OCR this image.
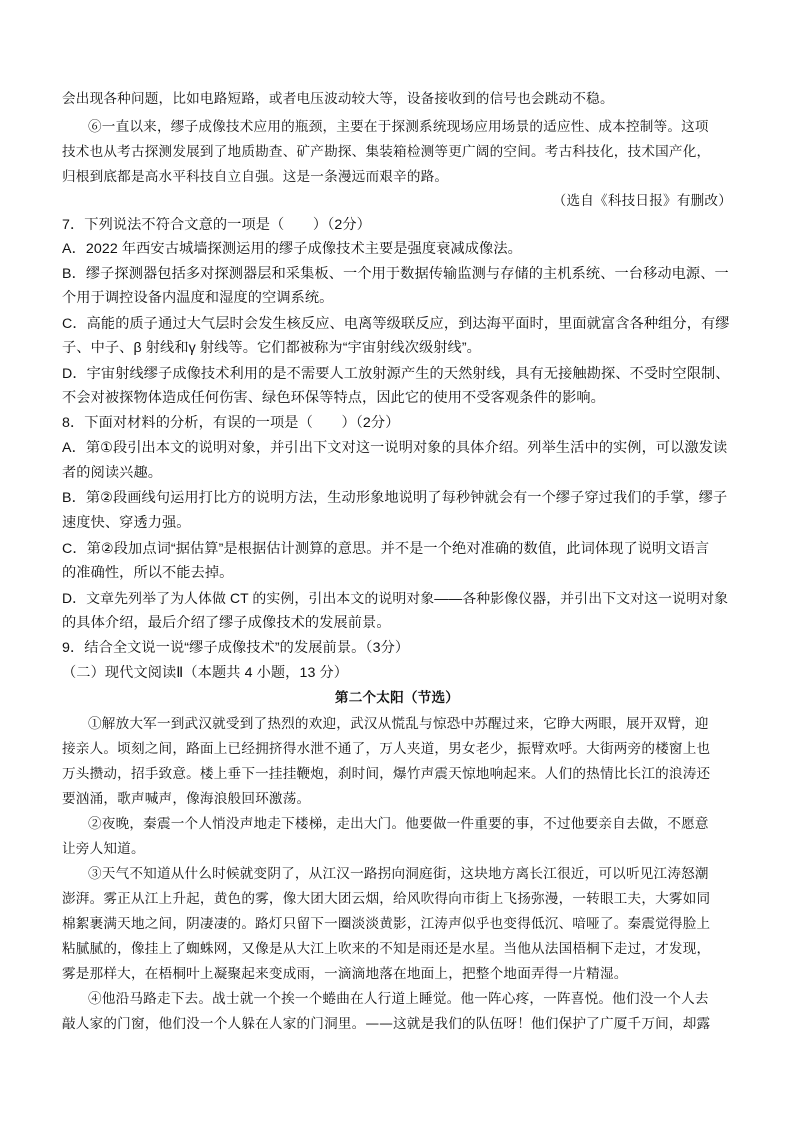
会出现各种问题，比如电路短路，或者电压波动较大等，设备接收到的信号也会跳动不稳。
⑥一直以来，缪子成像技术应用的瓶颈，主要在于探测系统现场应用场景的适应性、成本控制等。这项
技术也从考古探测发展到了地质勘查、矿产勘探、集装箱检测等更广阔的空间。考古科技化，技术国产化，
归根到底都是高水平科技自立自强。这是一条漫远而艰辛的路。
（选自《科技日报》有删改）
7．下列说法不符合文意的一项是（　　）（2分）
A．2022 年西安古城墙探测运用的缪子成像技术主要是强度衰减成像法。
B．缪子探测器包括多对探测器层和采集板、一个用于数据传输监测与存储的主机系统、一台移动电源、一
个用于调控设备内温度和湿度的空调系统。
C．高能的质子通过大气层时会发生核反应、电离等级联反应，到达海平面时，里面就富含各种组分，有缪
子、中子、β 射线和γ 射线等。它们都被称为“宇宙射线次级射线”。
D．宇宙射线缪子成像技术利用的是不需要人工放射源产生的天然射线，具有无接触勘探、不受时空限制、
不会对被探物体造成任何伤害、绿色环保等特点，因此它的使用不受客观条件的影响。
8．下面对材料的分析，有误的一项是（　　）（2分）
A．第①段引出本文的说明对象，并引出下文对这一说明对象的具体介绍。列举生活中的实例，可以激发读
者的阅读兴趣。
B．第②段画线句运用打比方的说明方法，生动形象地说明了每秒钟就会有一个缪子穿过我们的手掌，缪子
速度快、穿透力强。
C．第②段加点词“据估算”是根据估计测算的意思。并不是一个绝对准确的数值，此词体现了说明文语言
的准确性，所以不能去掉。
D．文章先列举了为人体做 CT 的实例，引出本文的说明对象——各种影像仪器，并引出下文对这一说明对象
的具体介绍，最后介绍了缪子成像技术的发展前景。
9．结合全文说一说“缪子成像技术”的发展前景。（3分）
（二）现代文阅读Ⅱ（本题共 4 小题，13 分）
第二个太阳（节选）
①解放大军一到武汉就受到了热烈的欢迎，武汉从慌乱与惊恐中苏醒过来，它睁大两眼，展开双臂，迎
接亲人。顷刻之间，路面上已经拥挤得水泄不通了，万人夹道，男女老少，振臂欢呼。大街两旁的楼窗上也
万头攒动，招手致意。楼上垂下一挂挂鞭炮，刹时间，爆竹声震天惊地响起来。人们的热情比长江的浪涛还
要汹涌，歌声喊声，像海浪般回环激荡。
②夜晚，秦震一个人悄没声地走下楼梯，走出大门。他要做一件重要的事，不过他要亲自去做，不愿意
让旁人知道。
③天气不知道从什么时候就变阴了，从江汉一路拐向洞庭街，这块地方离长江很近，可以听见江涛怒潮
澎湃。雾正从江上升起，黄色的雾，像大团大团云烟，给风吹得向市街上飞扬弥漫，一转眼工夫，大雾如同
棉絮裹满天地之间，阴凄凄的。路灯只留下一圈淡淡黄影，江涛声似乎也变得低沉、喑哑了。秦震觉得脸上
粘腻腻的，像挂上了蜘蛛网，又像是从大江上吹来的不知是雨还是水星。当他从法国梧桐下走过，才发现，
雾是那样大，在梧桐叶上凝聚起来变成雨，一滴滴地落在地面上，把整个地面弄得一片精湿。
④他沿马路走下去。战士就一个挨一个蜷曲在人行道上睡觉。他一阵心疼，一阵喜悦。他们没一个人去
敲人家的门窗，他们没一个人躲在人家的门洞里。——这就是我们的队伍呀！他们保护了广厦千万间，却露
